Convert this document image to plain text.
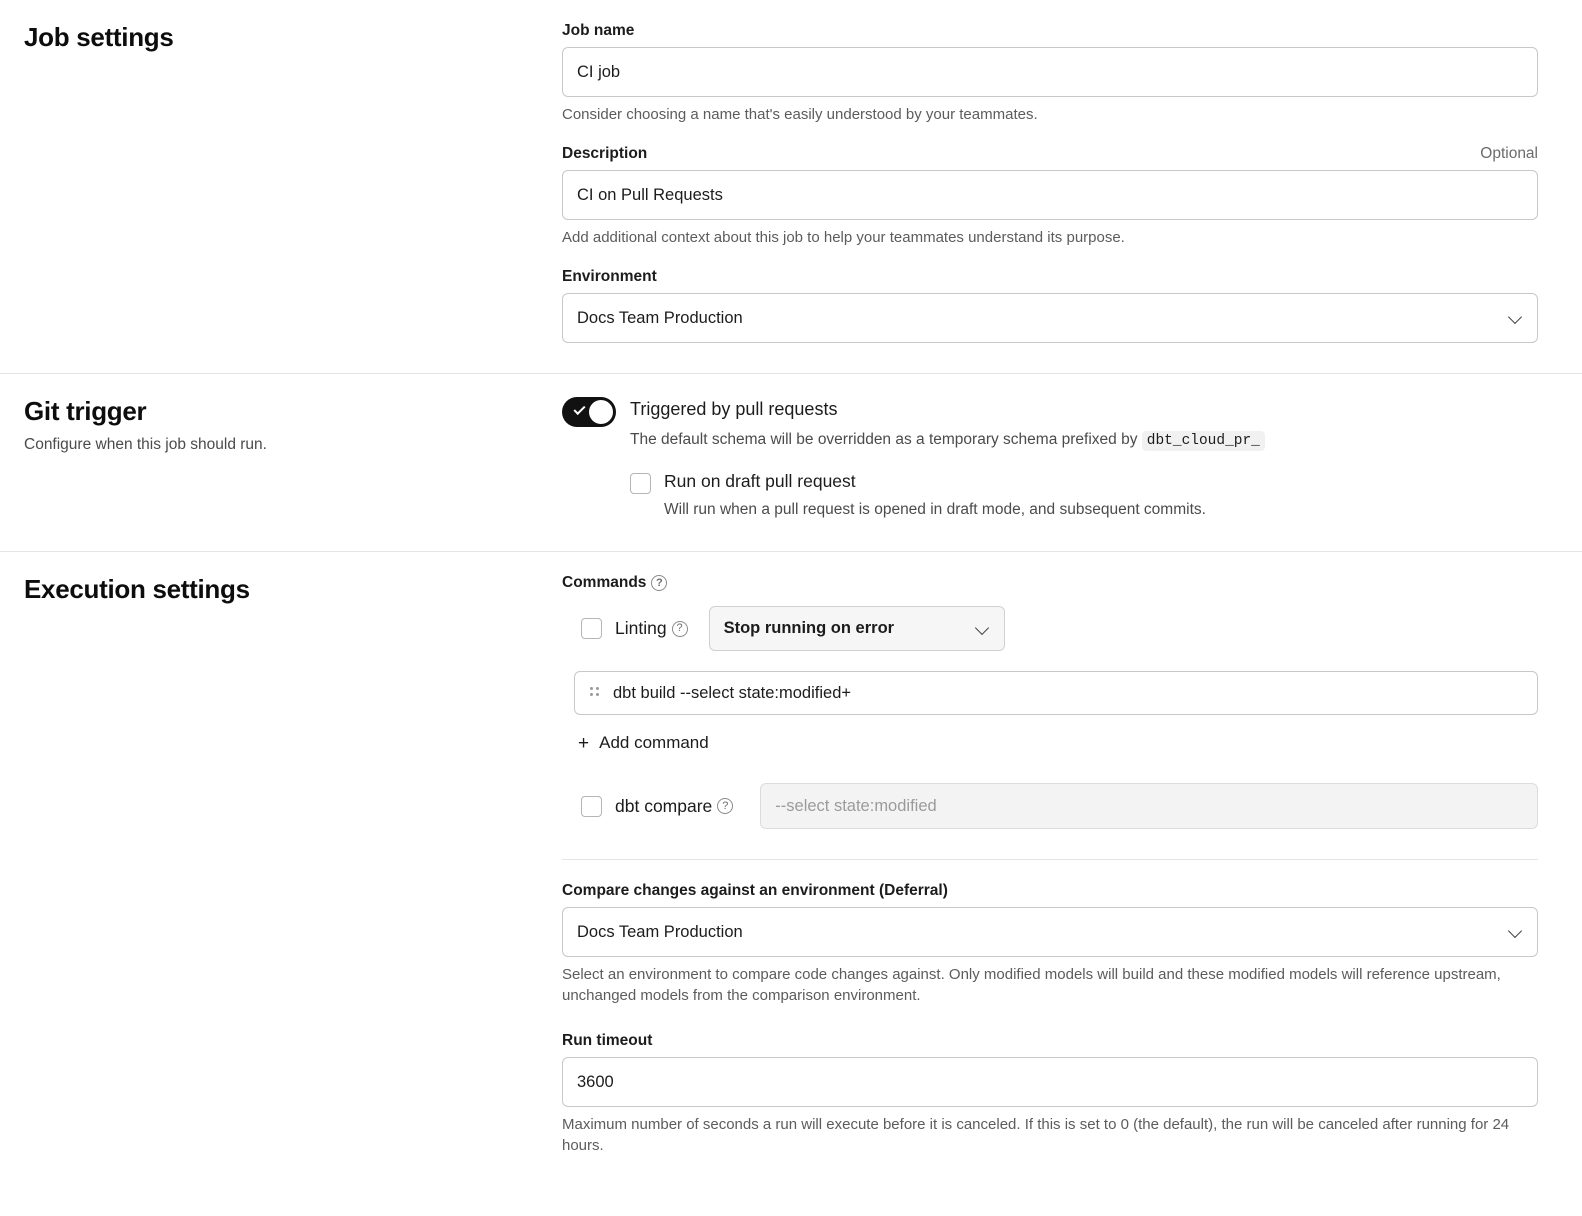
Job settings	Job name
CI job
Consider choosing a name that's easily understood by your teammates.
Description	Optional
CI on Pull Requests
Add additional context about this job to help your teammates understand its purpose.
Environment
Docs Team Production
Git trigger

Configure when this job should run.

Triggered by pull requests
The default schema will be overridden as a temporary schema prefixed by dbt_cloud_pr_
Run on draft pull request
Will run when a pull request is opened in draft mode, and subsequent commits.
Execution settings	Commands ?
Linting ? Stop running on error
dbt build --select state:modified+
+ Add command
dbt compare ?	--select state:modified
Compare changes against an environment (Deferral)
Docs Team Production
Select an environment to compare code changes against. Only modified models will build and these modified models will reference upstream, unchanged models from the comparison environment.
Run timeout
3600
Maximum number of seconds a run will execute before it is canceled. If this is set to 0 (the default), the run will be canceled after running for 24 hours.
